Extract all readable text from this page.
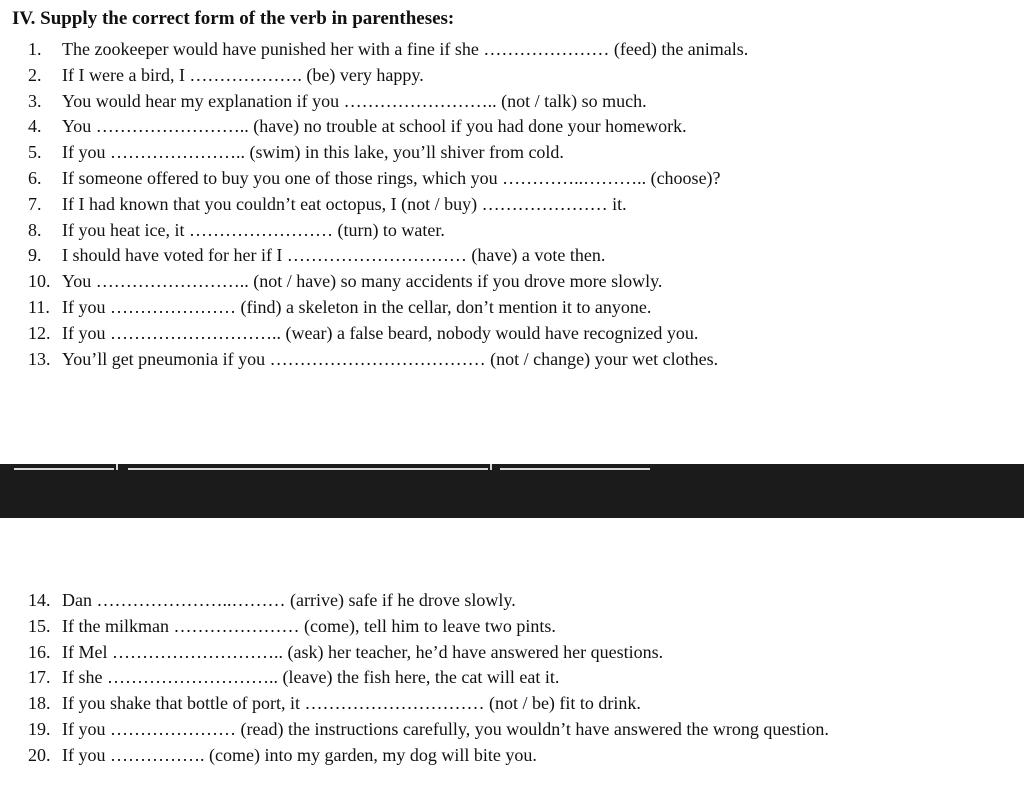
IV. Supply the correct form of the verb in parentheses:
1. The zookeeper would have punished her with a fine if she ………………… (feed) the animals.
2. If I were a bird, I ………………. (be) very happy.
3. You would hear my explanation if you …………………….. (not / talk) so much.
4. You …………………….. (have) no trouble at school if you had done your homework.
5. If you ………………….. (swim) in this lake, you’ll shiver from cold.
6. If someone offered to buy you one of those rings, which you …………..……….. (choose)?
7. If I had known that you couldn’t eat octopus, I (not / buy) ………………… it.
8. If you heat ice, it …………………… (turn) to water.
9. I should have voted for her if I ………………………… (have) a vote then.
10. You …………………….. (not / have) so many accidents if you drove more slowly.
11. If you ………………… (find) a skeleton in the cellar, don’t mention it to anyone.
12. If you ……………………….. (wear) a false beard, nobody would have recognized you.
13. You’ll get pneumonia if you ……………………………… (not / change) your wet clothes.
14. Dan …………………..……… (arrive) safe if he drove slowly.
15. If the milkman ………………… (come), tell him to leave two pints.
16. If Mel ……………………….. (ask) her teacher, he’d have answered her questions.
17. If she ……………………….. (leave) the fish here, the cat will eat it.
18. If you shake that bottle of port, it ………………………… (not / be) fit to drink.
19. If you ………………… (read) the instructions carefully, you wouldn’t have answered the wrong question.
20. If you ……………. (come) into my garden, my dog will bite you.
